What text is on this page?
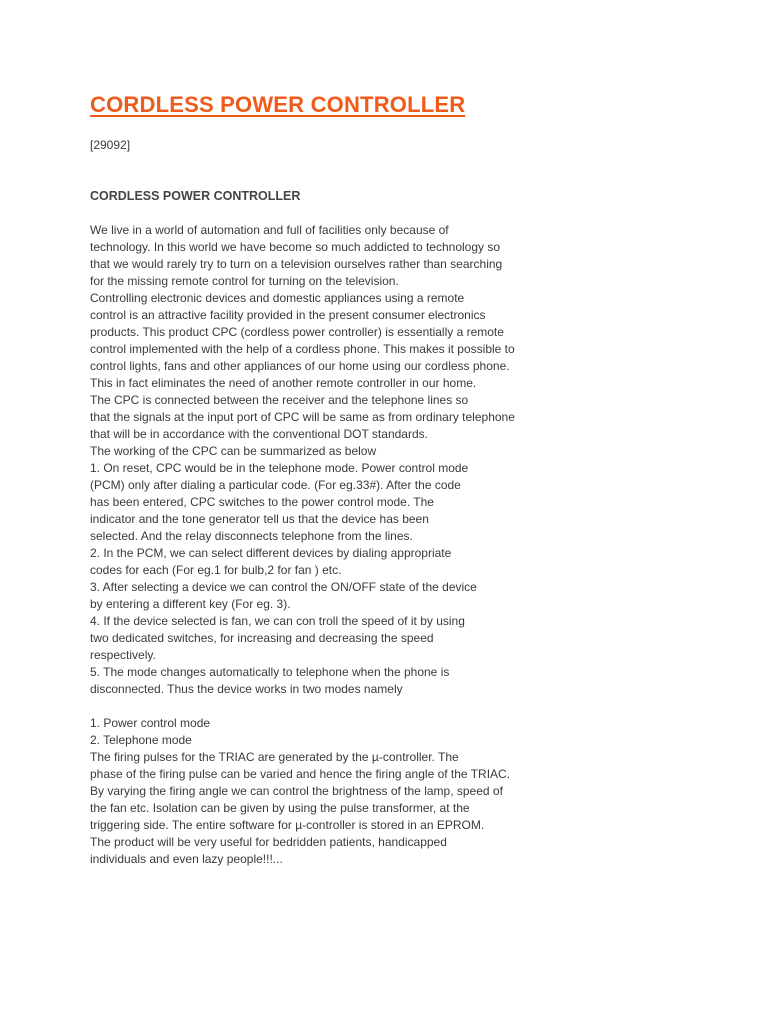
CORDLESS POWER CONTROLLER
[29092]
CORDLESS POWER CONTROLLER
We live in a world of automation and full of facilities only because of
technology. In this world we have become so much addicted to technology so
that we would rarely try to turn on a television ourselves rather than searching
for the missing remote control for turning on the television.
Controlling electronic devices and domestic appliances using a remote
control is an attractive facility provided in the present consumer electronics
products. This product CPC (cordless power controller) is essentially a remote
control implemented with the help of a cordless phone. This makes it possible to
control lights, fans and other appliances of our home using our cordless phone.
This in fact eliminates the need of another remote controller in our home.
The CPC is connected between the receiver and the telephone lines so
that the signals at the input port of CPC will be same as from ordinary telephone
that will be in accordance with the conventional DOT standards.
The working of the CPC can be summarized as below
1. On reset, CPC would be in the telephone mode. Power control mode
(PCM) only after dialing a particular code. (For eg.33#). After the code
has been entered, CPC switches to the power control mode. The
indicator and the tone generator tell us that the device has been
selected. And the relay disconnects telephone from the lines.
2. In the PCM, we can select different devices by dialing appropriate
codes for each (For eg.1 for bulb,2 for fan ) etc.
3. After selecting a device we can control the ON/OFF state of the device
by entering a different key (For eg. 3).
4. If the device selected is fan, we can con troll the speed of it by using
two dedicated switches, for increasing and decreasing the speed
respectively.
5. The mode changes automatically to telephone when the phone is
disconnected. Thus the device works in two modes namely
1. Power control mode
2. Telephone mode
The firing pulses for the TRIAC are generated by the µ-controller. The
phase of the firing pulse can be varied and hence the firing angle of the TRIAC.
By varying the firing angle we can control the brightness of the lamp, speed of
the fan etc. Isolation can be given by using the pulse transformer, at the
triggering side. The entire software for µ-controller is stored in an EPROM.
The product will be very useful for bedridden patients, handicapped
individuals and even lazy people!!!...
